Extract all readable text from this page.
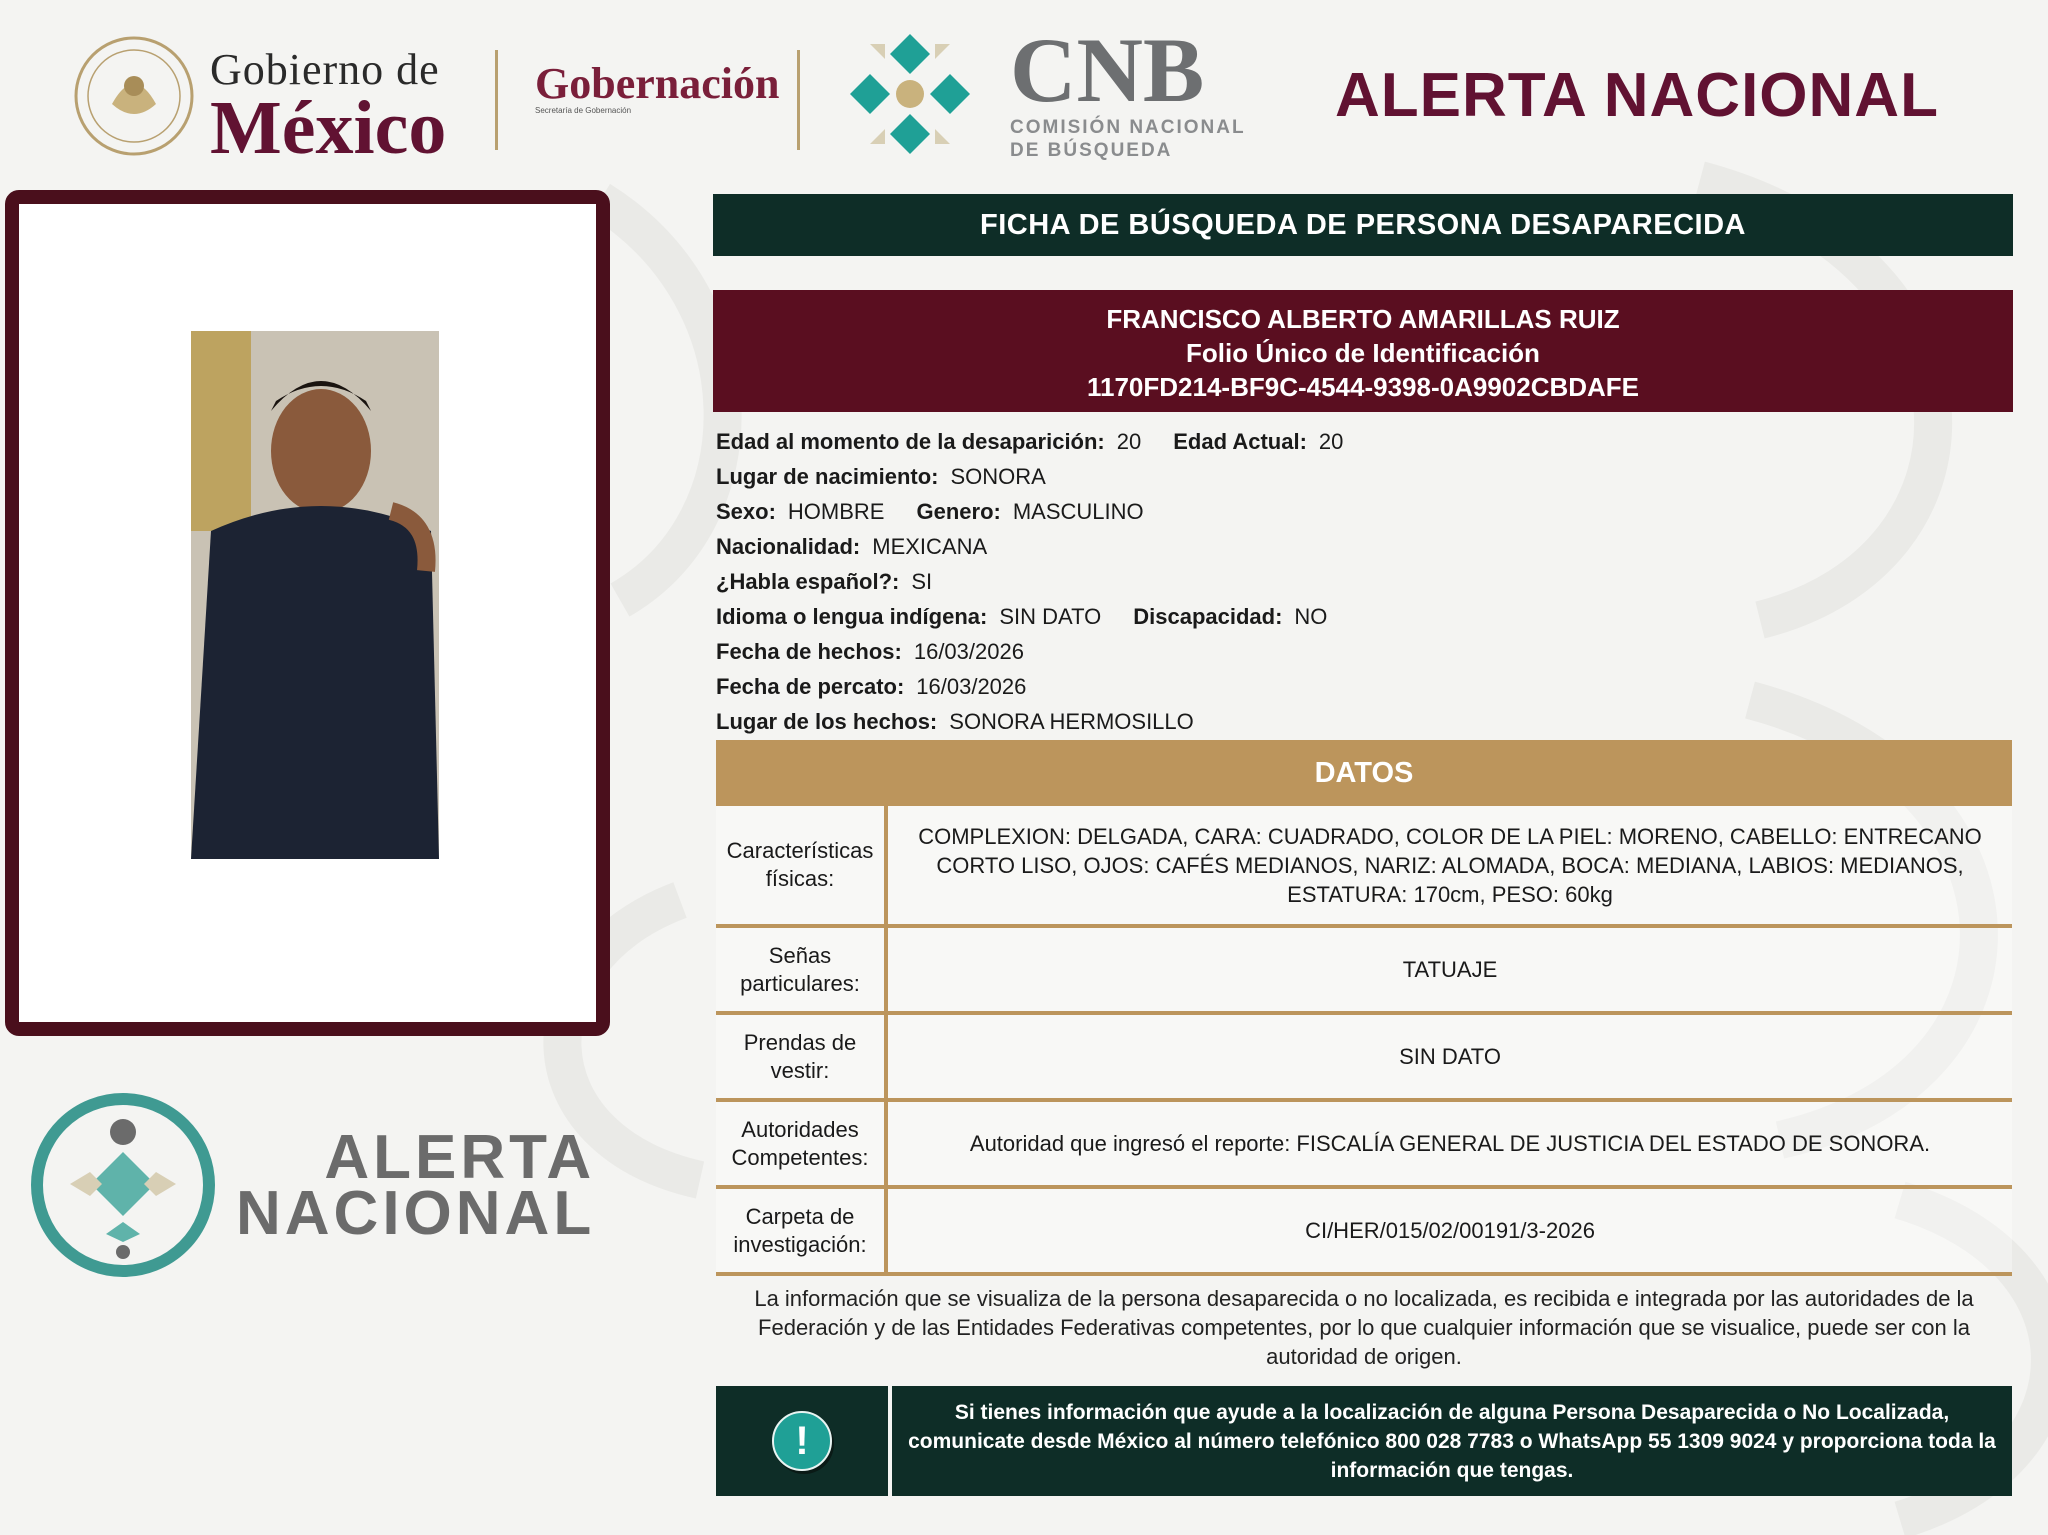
Gobierno de
México
Gobernación
Secretaría de Gobernación	CNB
COMISIÓN NACIONAL
DE BÚSQUEDA
ALERTA NACIONAL
ALERTA
NACIONAL
FICHA DE BÚSQUEDA DE PERSONA DESAPARECIDA
FRANCISCO ALBERTO AMARILLAS RUIZ
Folio Único de Identificación
1170FD214-BF9C-4544-9398-0A9902CBDAFE
Edad al momento de la desaparición: 20 Edad Actual: 20
Lugar de nacimiento: SONORA
Sexo: HOMBRE Genero: MASCULINO
Nacionalidad: MEXICANA
¿Habla español?: SI
Idioma o lengua indígena: SIN DATO Discapacidad: NO
Fecha de hechos: 16/03/2026
Fecha de percato: 16/03/2026
Lugar de los hechos: SONORA HERMOSILLO
DATOS
Características físicas:
COMPLEXION: DELGADA, CARA: CUADRADO, COLOR DE LA PIEL: MORENO, CABELLO: ENTRECANO CORTO LISO, OJOS: CAFÉS MEDIANOS, NARIZ: ALOMADA, BOCA: MEDIANA, LABIOS: MEDIANOS, ESTATURA: 170cm, PESO: 60kg
Señas particulares:
TATUAJE
Prendas de vestir:
SIN DATO
Autoridades Competentes:
Autoridad que ingresó el reporte: FISCALÍA GENERAL DE JUSTICIA DEL ESTADO DE SONORA.
Carpeta de investigación:
CI/HER/015/02/00191/3-2026
La información que se visualiza de la persona desaparecida o no localizada, es recibida e integrada por las autoridades de la Federación y de las Entidades Federativas competentes, por lo que cualquier información que se visualice, puede ser con la autoridad de origen.
!
Si tienes información que ayude a la localización de alguna Persona Desaparecida o No Localizada, comunicate desde México al número telefónico 800 028 7783 o WhatsApp 55 1309 9024 y proporciona toda la información que tengas.
